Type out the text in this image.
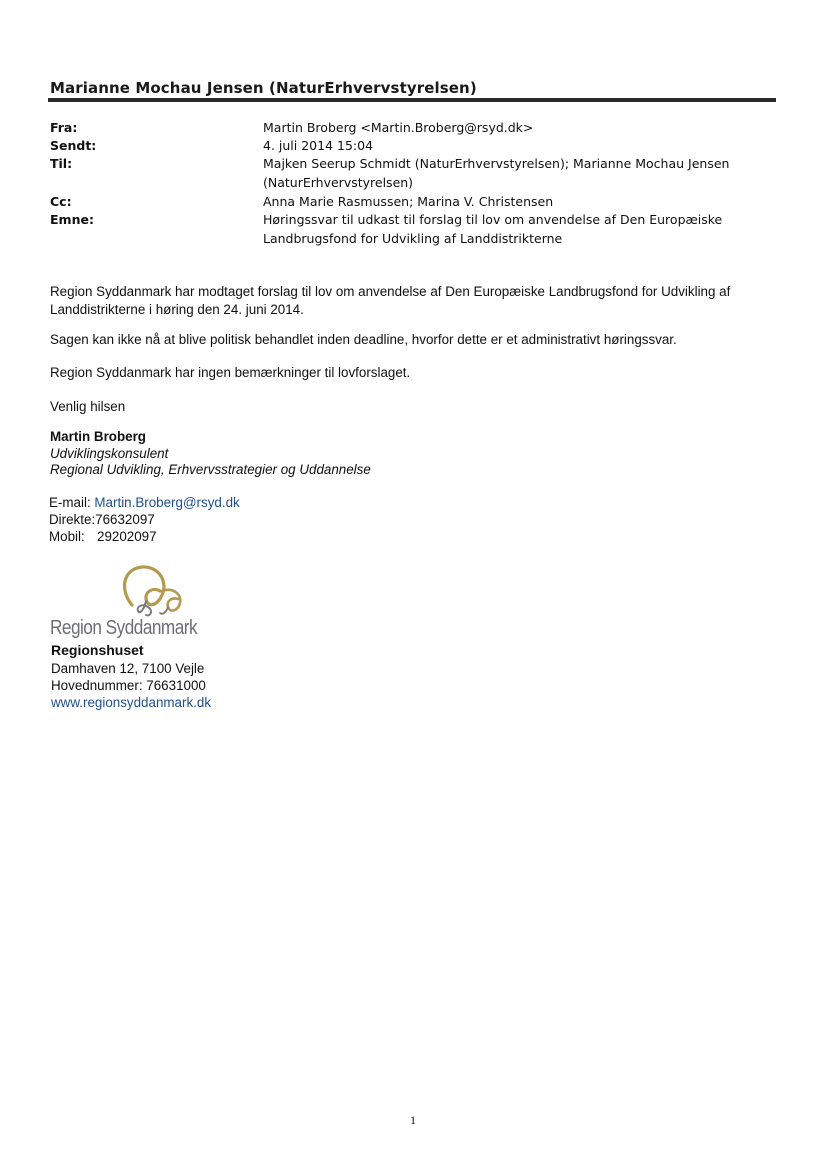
Marianne Mochau Jensen (NaturErhvervstyrelsen)
Fra:	Martin Broberg <Martin.Broberg@rsyd.dk>
Sendt:	4. juli 2014 15:04
Til:	Majken Seerup Schmidt (NaturErhvervstyrelsen); Marianne Mochau Jensen
(NaturErhvervstyrelsen)
Cc:	Anna Marie Rasmussen; Marina V. Christensen
Emne:	Høringssvar til udkast til forslag til lov om anvendelse af Den Europæiske
Landbrugsfond for Udvikling af Landdistrikterne
Region Syddanmark har modtaget forslag til lov om anvendelse af Den Europæiske Landbrugsfond for Udvikling af
Landdistrikterne i høring den 24. juni 2014.
Sagen kan ikke nå at blive politisk behandlet inden deadline, hvorfor dette er et administrativt høringssvar.
Region Syddanmark har ingen bemærkninger til lovforslaget.
Venlig hilsen
Martin Broberg
Udviklingskonsulent
Regional Udvikling, Erhvervsstrategier og Uddannelse
E-mail: Martin.Broberg@rsyd.dk
Direkte:76632097
Mobil: 29202097
Region Syddanmark
Regionshuset
Damhaven 12, 7100 Vejle
Hovednummer: 76631000
www.regionsyddanmark.dk
1
